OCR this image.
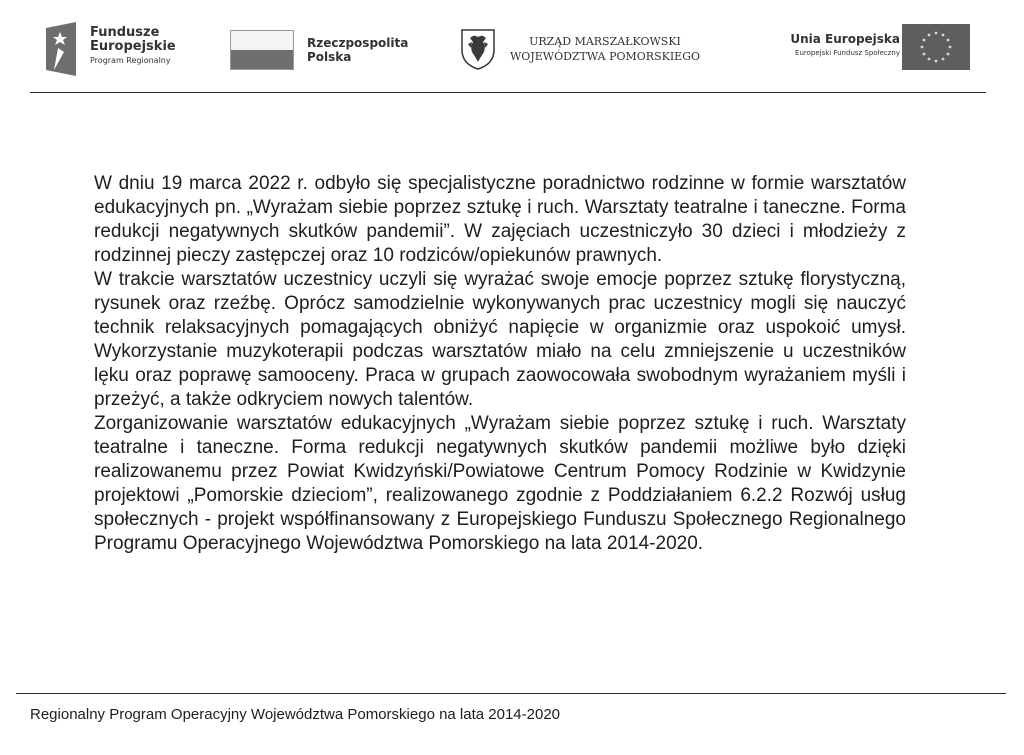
Fundusze
Europejskie
Program Regionalny
Rzeczpospolita
Polska
URZĄD MARSZAŁKOWSKI
WOJEWÓDZTWA POMORSKIEGO
Unia Europejska
Europejski Fundusz Społeczny

W dniu 19 marca 2022 r. odbyło się specjalistyczne poradnictwo rodzinne w formie warsztatów edukacyjnych pn. „Wyrażam siebie poprzez sztukę i ruch. Warsztaty teatralne i taneczne. Forma redukcji negatywnych skutków pandemii”. W zajęciach uczestniczyło 30 dzieci i młodzieży z rodzinnej pieczy zastępczej oraz 10 rodziców/opiekunów prawnych.

W trakcie warsztatów uczestnicy uczyli się wyrażać swoje emocje poprzez sztukę florystyczną, rysunek oraz rzeźbę. Oprócz samodzielnie wykonywanych prac uczestnicy mogli się nauczyć technik relaksacyjnych pomagających obniżyć napięcie w organizmie oraz uspokoić umysł. Wykorzystanie muzykoterapii podczas warsztatów miało na celu zmniejszenie u uczestników lęku oraz poprawę samooceny. Praca w grupach zaowocowała swobodnym wyrażaniem myśli i przeżyć, a także odkryciem nowych talentów.

Zorganizowanie warsztatów edukacyjnych „Wyrażam siebie poprzez sztukę i ruch. Warsztaty teatralne i taneczne. Forma redukcji negatywnych skutków pandemii możliwe było dzięki realizowanemu przez Powiat Kwidzyński/Powiatowe Centrum Pomocy Rodzinie w Kwidzynie projektowi „Pomorskie dzieciom”, realizowanego zgodnie z Poddziałaniem 6.2.2 Rozwój usług społecznych - projekt współfinansowany z Europejskiego Funduszu Społecznego Regionalnego Programu Operacyjnego Województwa Pomorskiego na lata 2014-2020.

Regionalny Program Operacyjny Województwa Pomorskiego na lata 2014-2020
